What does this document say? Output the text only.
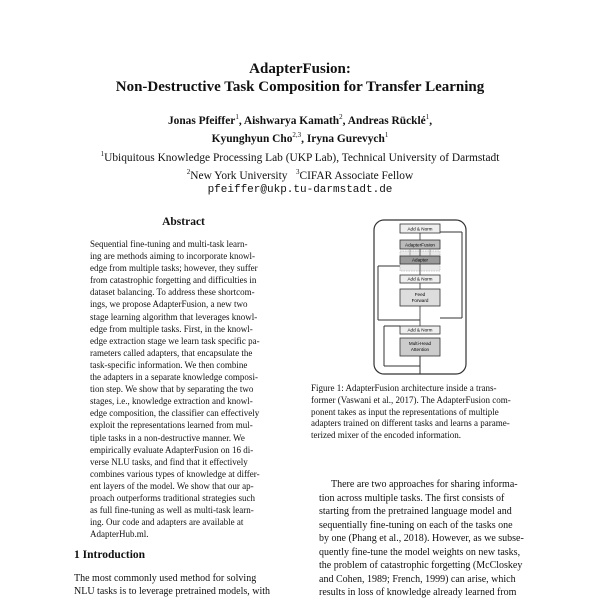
AdapterFusion:
Non-Destructive Task Composition for Transfer Learning
Jonas Pfeiffer$^1$, Aishwarya Kamath$^2$, Andreas Rücklé$^1$,
Kyunghyun Cho$^{2,3}$, Iryna Gurevych$^1$
$^1$Ubiquitous Knowledge Processing Lab (UKP Lab), Technical University of Darmstadt
$^2$New York University $^3$CIFAR Associate Fellow
pfeiffer@ukp.tu-darmstadt.de
Abstract
Sequential fine-tuning and multi-task learn-
ing are methods aiming to incorporate knowl-
edge from multiple tasks; however, they suffer
from catastrophic forgetting and difficulties in
dataset balancing. To address these shortcom-
ings, we propose AdapterFusion, a new two
stage learning algorithm that leverages knowl-
edge from multiple tasks. First, in the knowl-
edge extraction stage we learn task specific pa-
rameters called adapters, that encapsulate the
task-specific information. We then combine
the adapters in a separate knowledge composi-
tion step. We show that by separating the two
stages, i.e., knowledge extraction and knowl-
edge composition, the classifier can effectively
exploit the representations learned from mul-
tiple tasks in a non-destructive manner. We
empirically evaluate AdapterFusion on 16 di-
verse NLU tasks, and find that it effectively
combines various types of knowledge at differ-
ent layers of the model. We show that our ap-
proach outperforms traditional strategies such
as full fine-tuning as well as multi-task learn-
ing. Our code and adapters are available at
AdapterHub.ml.
1 Introduction
The most commonly used method for solving
NLU tasks is to leverage pretrained models, with
Add & Norm
AdapterFusion
Adapter
Add & Norm
Feed
Forward
Add & Norm
Multi-Head
Attention
Figure 1: AdapterFusion architecture inside a trans-
former (Vaswani et al., 2017). The AdapterFusion com-
ponent takes as input the representations of multiple
adapters trained on different tasks and learns a parame-
terized mixer of the encoded information.
There are two approaches for sharing informa-
tion across multiple tasks. The first consists of
starting from the pretrained language model and
sequentially fine-tuning on each of the tasks one
by one (Phang et al., 2018). However, as we subse-
quently fine-tune the model weights on new tasks,
the problem of catastrophic forgetting (McCloskey
and Cohen, 1989; French, 1999) can arise, which
results in loss of knowledge already learned from
